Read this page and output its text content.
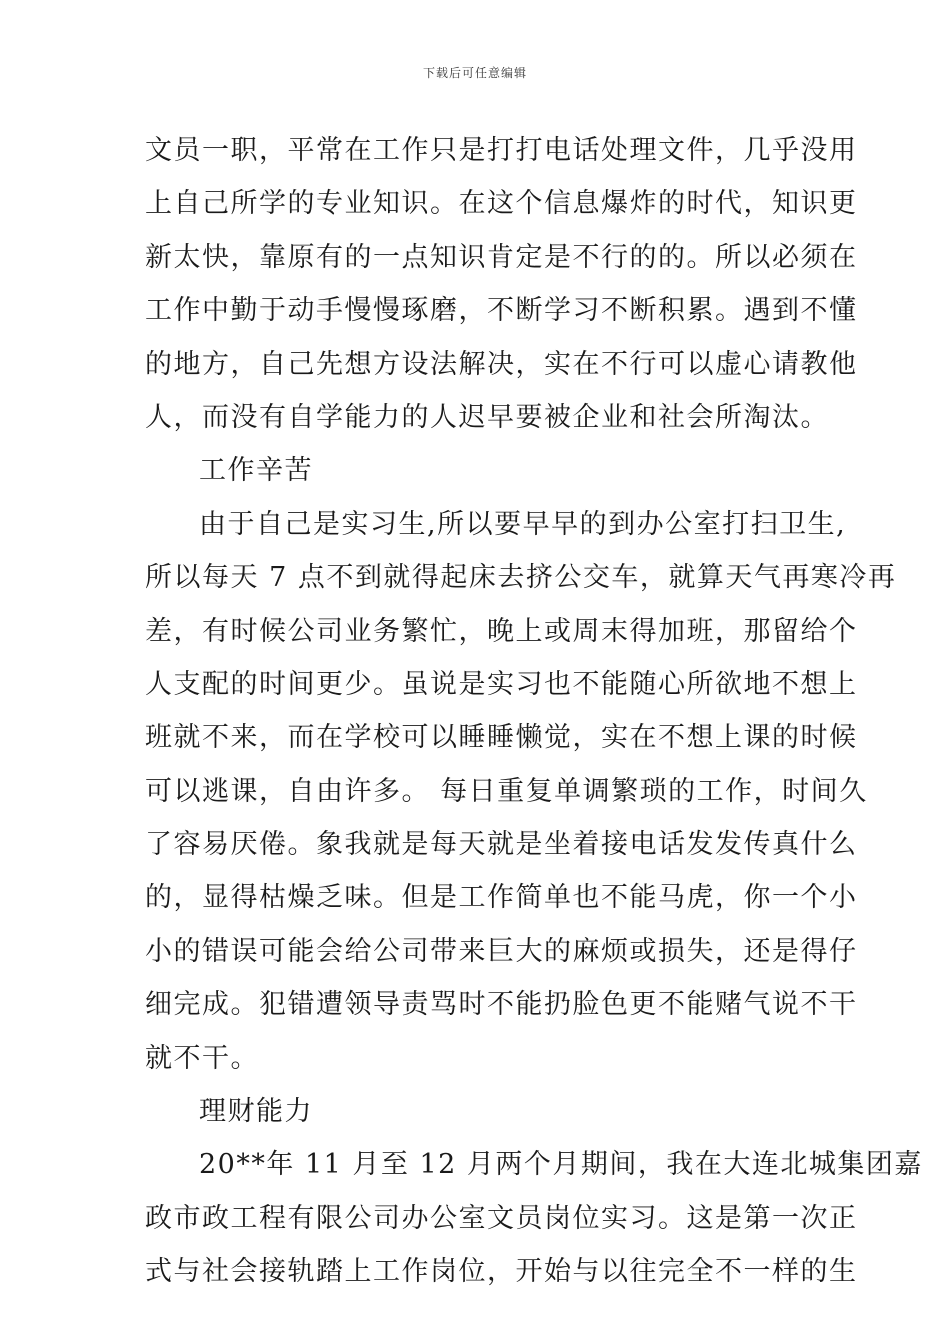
下载后可任意编辑
文员一职，平常在工作只是打打电话处理文件，几乎没用
上自己所学的专业知识。在这个信息爆炸的时代，知识更
新太快，靠原有的一点知识肯定是不行的的。所以必须在
工作中勤于动手慢慢琢磨，不断学习不断积累。遇到不懂
的地方，自己先想方设法解决，实在不行可以虚心请教他
人，而没有自学能力的人迟早要被企业和社会所淘汰。
工作辛苦
由于自己是实习生,所以要早早的到办公室打扫卫生,
所以每天 7 点不到就得起床去挤公交车，就算天气再寒冷再
差，有时候公司业务繁忙，晚上或周末得加班，那留给个
人支配的时间更少。虽说是实习也不能随心所欲地不想上
班就不来，而在学校可以睡睡懒觉，实在不想上课的时候
可以逃课，自由许多。 每日重复单调繁琐的工作，时间久
了容易厌倦。象我就是每天就是坐着接电话发发传真什么
的，显得枯燥乏味。但是工作简单也不能马虎，你一个小
小的错误可能会给公司带来巨大的麻烦或损失，还是得仔
细完成。犯错遭领导责骂时不能扔脸色更不能赌气说不干
就不干。
理财能力
20**年 11 月至 12 月两个月期间，我在大连北城集团嘉
政市政工程有限公司办公室文员岗位实习。这是第一次正
式与社会接轨踏上工作岗位，开始与以往完全不一样的生
